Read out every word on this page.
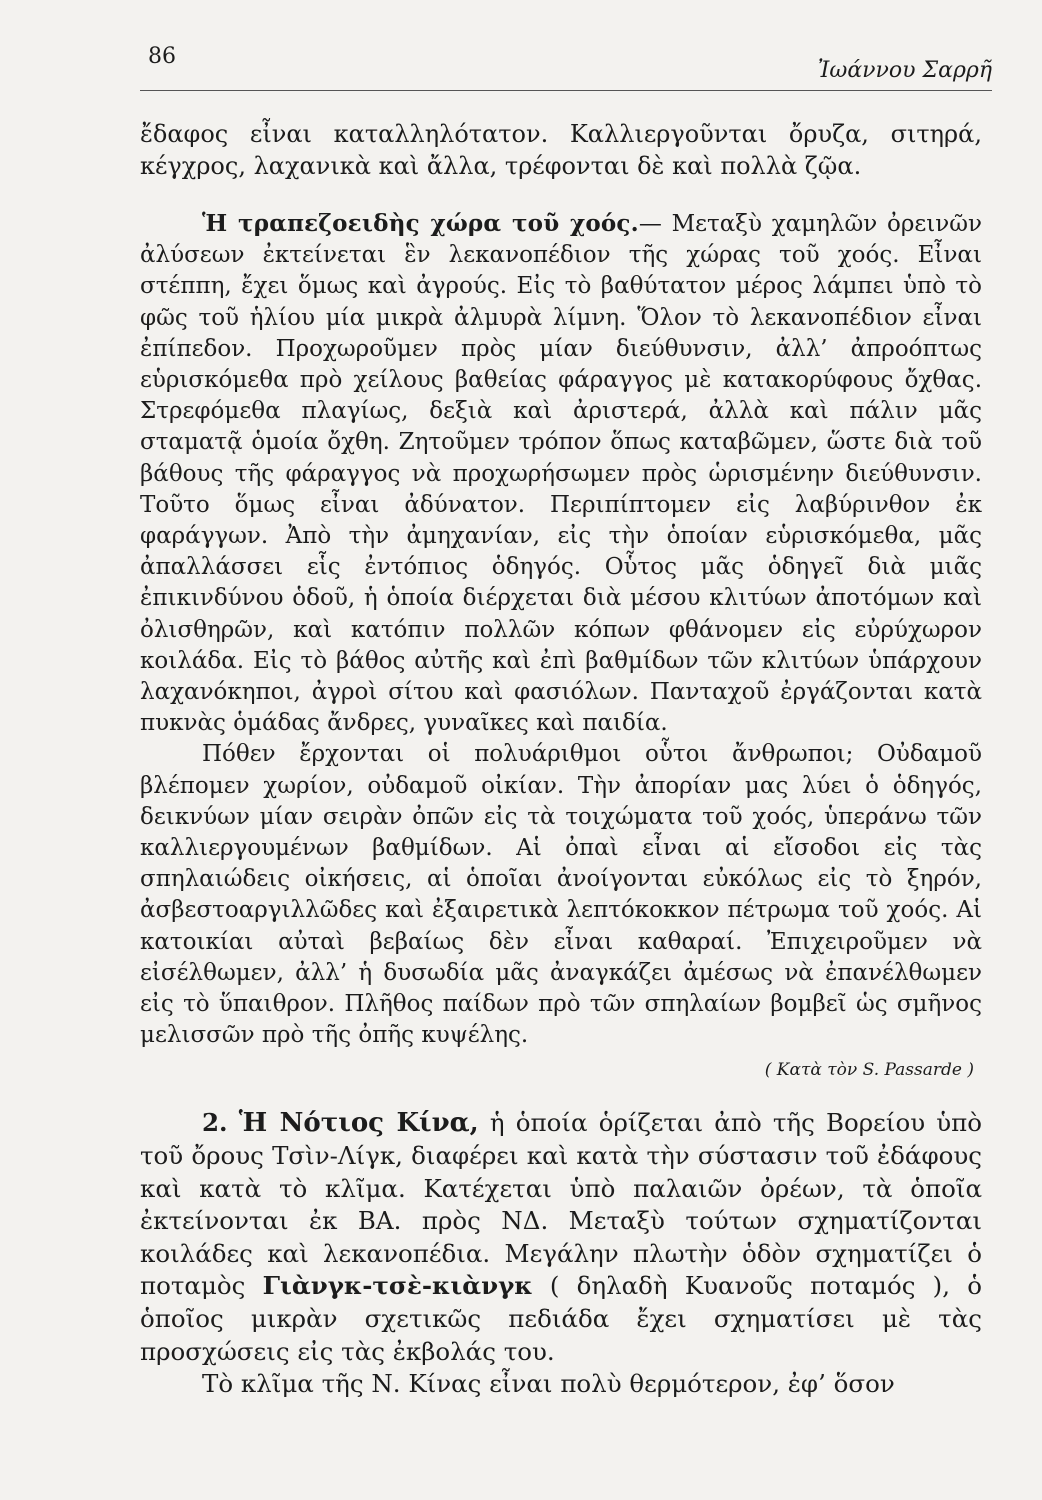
86
Ἰωάννου Σαρρῆ

ἔδαφος εἶναι καταλληλότατον. Καλλιεργοῦνται ὄρυζα, σιτηρά, κέγχρος, λαχανικὰ καὶ ἄλλα, τρέφονται δὲ καὶ πολλὰ ζῷα.

Ἡ τραπεζοειδὴς χώρα τοῦ χοός.— Μεταξὺ χαμηλῶν ὀρεινῶν ἀλύσεων ἐκτείνεται ἓν λεκανοπέδιον τῆς χώρας τοῦ χοός. Εἶναι στέππη, ἔχει ὅμως καὶ ἀγρούς. Εἰς τὸ βαθύτατον μέρος λάμπει ὑπὸ τὸ φῶς τοῦ ἡλίου μία μικρὰ ἀλμυρὰ λίμνη. Ὅλον τὸ λεκανοπέδιον εἶναι ἐπίπεδον. Προχωροῦμεν πρὸς μίαν διεύθυνσιν, ἀλλ’ ἀπροόπτως εὑρισκόμεθα πρὸ χείλους βαθείας φάραγγος μὲ κατακορύφους ὄχθας. Στρεφόμεθα πλαγίως, δεξιὰ καὶ ἀριστερά, ἀλλὰ καὶ πάλιν μᾶς σταματᾷ ὁμοία ὄχθη. Ζητοῦμεν τρόπον ὅπως καταβῶμεν, ὥστε διὰ τοῦ βάθους τῆς φάραγγος νὰ προχωρήσωμεν πρὸς ὡρισμένην διεύθυνσιν. Τοῦτο ὅμως εἶναι ἀδύνατον. Περιπίπτομεν εἰς λαβύρινθον ἐκ φαράγγων. Ἀπὸ τὴν ἀμηχανίαν, εἰς τὴν ὁποίαν εὑρισκόμεθα, μᾶς ἀπαλλάσσει εἷς ἐντόπιος ὁδηγός. Οὗτος μᾶς ὁδηγεῖ διὰ μιᾶς ἐπικινδύνου ὁδοῦ, ἡ ὁποία διέρχεται διὰ μέσου κλιτύων ἀποτόμων καὶ ὀλισθηρῶν, καὶ κατόπιν πολλῶν κόπων φθάνομεν εἰς εὐρύχωρον κοιλάδα. Εἰς τὸ βάθος αὐτῆς καὶ ἐπὶ βαθμίδων τῶν κλιτύων ὑπάρχουν λαχανόκηποι, ἀγροὶ σίτου καὶ φασιόλων. Πανταχοῦ ἐργάζονται κατὰ πυκνὰς ὁμάδας ἄνδρες, γυναῖκες καὶ παιδία.

Πόθεν ἔρχονται οἱ πολυάριθμοι οὗτοι ἄνθρωποι; Οὐδαμοῦ βλέπομεν χωρίον, οὐδαμοῦ οἰκίαν. Τὴν ἀπορίαν μας λύει ὁ ὁδηγός, δεικνύων μίαν σειρὰν ὀπῶν εἰς τὰ τοιχώματα τοῦ χοός, ὑπεράνω τῶν καλλιεργουμένων βαθμίδων. Αἱ ὀπαὶ εἶναι αἱ εἴσοδοι εἰς τὰς σπηλαιώδεις οἰκήσεις, αἱ ὁποῖαι ἀνοίγονται εὐκόλως εἰς τὸ ξηρόν, ἀσβεστοαργιλλῶδες καὶ ἐξαιρετικὰ λεπτόκοκκον πέτρωμα τοῦ χοός. Αἱ κατοικίαι αὐταὶ βεβαίως δὲν εἶναι καθαραί. Ἐπιχειροῦμεν νὰ εἰσέλθωμεν, ἀλλ’ ἡ δυσωδία μᾶς ἀναγκάζει ἀμέσως νὰ ἐπανέλθωμεν εἰς τὸ ὕπαιθρον. Πλῆθος παίδων πρὸ τῶν σπηλαίων βομβεῖ ὡς σμῆνος μελισσῶν πρὸ τῆς ὀπῆς κυψέλης.

( Κατὰ τὸν S. Passarde )

2. Ἡ Νότιος Κίνα, ἡ ὁποία ὁρίζεται ἀπὸ τῆς Βορείου ὑπὸ τοῦ ὄρους Τσὶν-Λίγκ, διαφέρει καὶ κατὰ τὴν σύστασιν τοῦ ἐδάφους καὶ κατὰ τὸ κλῖμα. Κατέχεται ὑπὸ παλαιῶν ὀρέων, τὰ ὁποῖα ἐκτείνονται ἐκ ΒΑ. πρὸς ΝΔ. Μεταξὺ τούτων σχηματίζονται κοιλάδες καὶ λεκανοπέδια. Μεγάλην πλωτὴν ὁδὸν σχηματίζει ὁ ποταμὸς Γιὰνγκ-τσὲ-κιὰνγκ ( δηλαδὴ Κυανοῦς ποταμός ), ὁ ὁποῖος μικρὰν σχετικῶς πεδιάδα ἔχει σχηματίσει μὲ τὰς προσχώσεις εἰς τὰς ἐκβολάς του.

Τὸ κλῖμα τῆς Ν. Κίνας εἶναι πολὺ θερμότερον, ἐφ’ ὅσον
